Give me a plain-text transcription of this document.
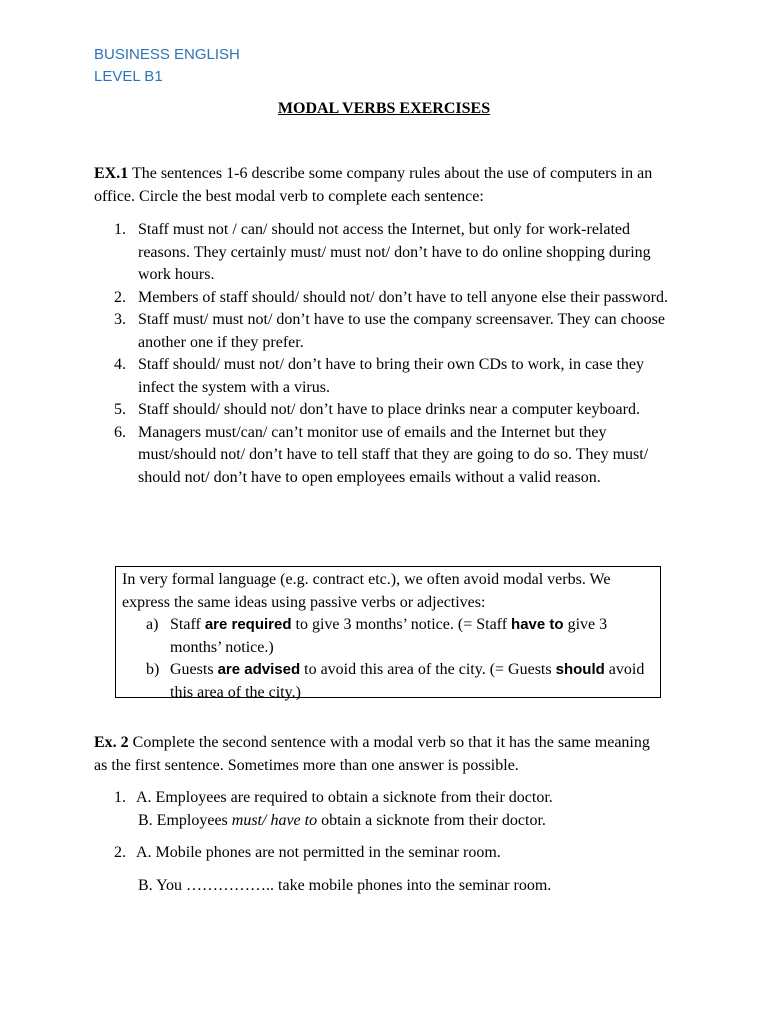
BUSINESS ENGLISH
LEVEL B1
MODAL VERBS EXERCISES
EX.1 The sentences 1-6 describe some company rules about the use of computers in an office. Circle the best modal verb to complete each sentence:
1. Staff must not / can/ should not access the Internet, but only for work-related reasons. They certainly must/ must not/ don’t have to do online shopping during work hours.
2. Members of staff should/ should not/ don’t have to tell anyone else their password.
3. Staff must/ must not/ don’t have to use the company screensaver. They can choose another one if they prefer.
4. Staff should/ must not/ don’t have to bring their own CDs to work, in case they infect the system with a virus.
5. Staff should/ should not/ don’t have to place drinks near a computer keyboard.
6. Managers must/can/ can’t monitor use of emails and the Internet but they must/should not/ don’t have to tell staff that they are going to do so. They must/ should not/ don’t have to open employees emails without a valid reason.
In very formal language (e.g. contract etc.), we often avoid modal verbs. We express the same ideas using passive verbs or adjectives:
a) Staff are required to give 3 months’ notice. (= Staff have to give 3 months’ notice.)
b) Guests are advised to avoid this area of the city. (= Guests should avoid this area of the city.)
Ex. 2 Complete the second sentence with a modal verb so that it has the same meaning as the first sentence. Sometimes more than one answer is possible.
1. A. Employees are required to obtain a sicknote from their doctor.
B. Employees must/ have to obtain a sicknote from their doctor.
2. A. Mobile phones are not permitted in the seminar room.
B. You …………….. take mobile phones into the seminar room.
